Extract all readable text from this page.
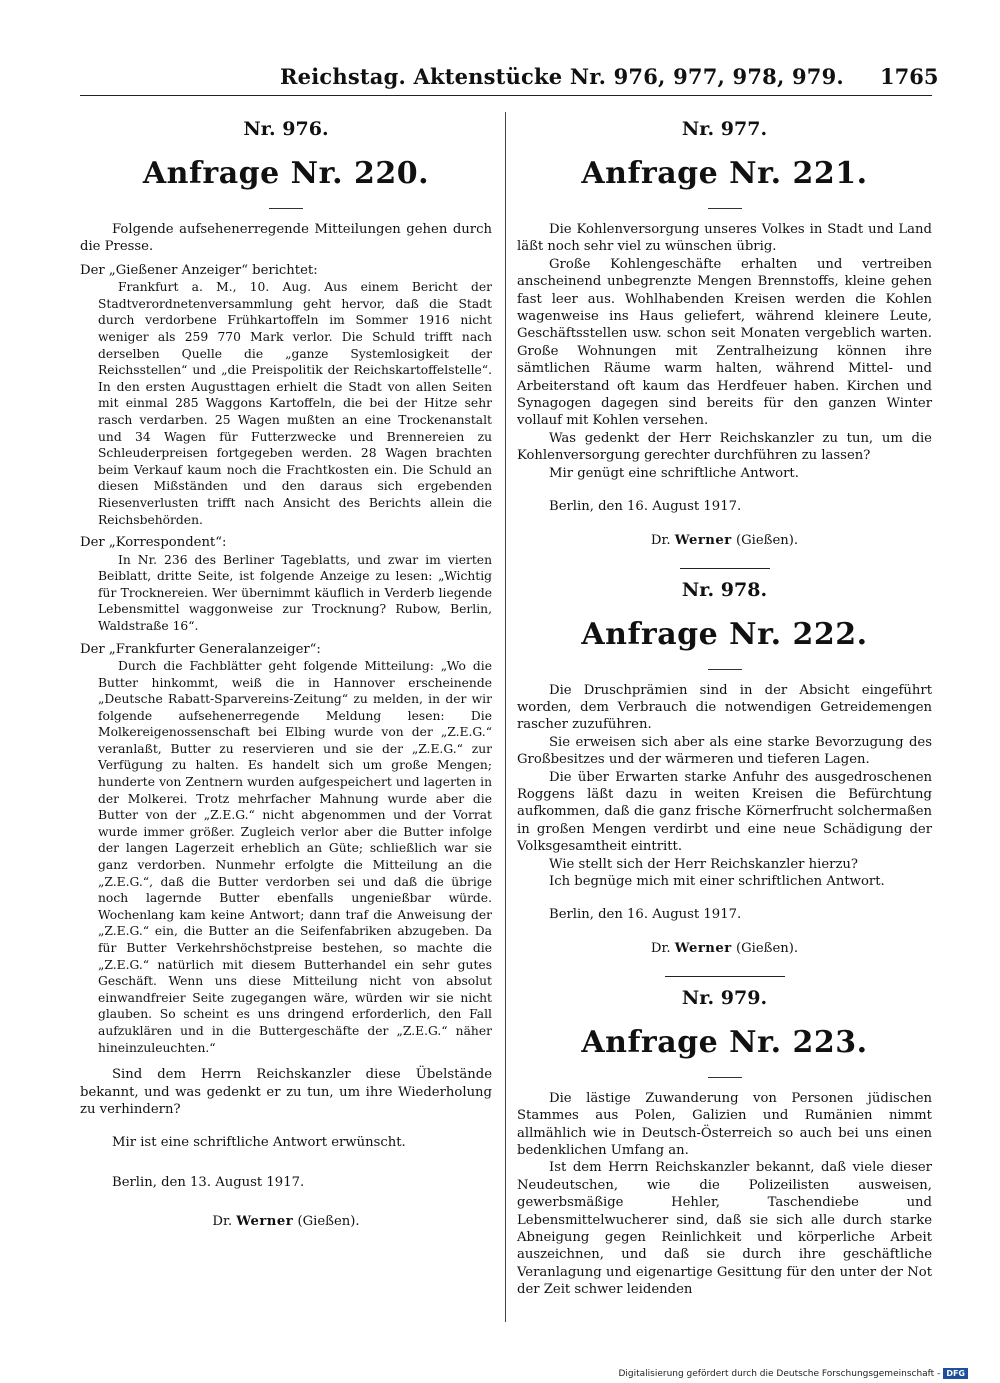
Reichstag. Aktenstücke Nr. 976, 977, 978, 979. 1765
Nr. 976.
Anfrage Nr. 220.

Folgende aufsehenerregende Mitteilungen gehen durch die Presse.

Der „Gießener Anzeiger“ berichtet:

Frankfurt a. M., 10. Aug. Aus einem Bericht der Stadtverordnetenversammlung geht hervor, daß die Stadt durch verdorbene Frühkartoffeln im Sommer 1916 nicht weniger als 259 770 Mark verlor. Die Schuld trifft nach derselben Quelle die „ganze Systemlosigkeit der Reichsstellen“ und „die Preispolitik der Reichskartoffelstelle“. In den ersten Augusttagen erhielt die Stadt von allen Seiten mit einmal 285 Waggons Kartoffeln, die bei der Hitze sehr rasch verdarben. 25 Wagen mußten an eine Trockenanstalt und 34 Wagen für Futterzwecke und Brennereien zu Schleuderpreisen fortgegeben werden. 28 Wagen brachten beim Verkauf kaum noch die Frachtkosten ein. Die Schuld an diesen Mißständen und den daraus sich ergebenden Riesenverlusten trifft nach Ansicht des Berichts allein die Reichsbehörden.

Der „Korrespondent“:

In Nr. 236 des Berliner Tageblatts, und zwar im vierten Beiblatt, dritte Seite, ist folgende Anzeige zu lesen: „Wichtig für Trocknereien. Wer übernimmt käuflich in Verderb liegende Lebensmittel waggonweise zur Trocknung? Rubow, Berlin, Waldstraße 16“.

Der „Frankfurter Generalanzeiger“:

Durch die Fachblätter geht folgende Mitteilung: „Wo die Butter hinkommt, weiß die in Hannover erscheinende „Deutsche Rabatt-Sparvereins-Zeitung“ zu melden, in der wir folgende aufsehenerregende Meldung lesen: Die Molkereigenossenschaft bei Elbing wurde von der „Z.E.G.“ veranlaßt, Butter zu reservieren und sie der „Z.E.G.“ zur Verfügung zu halten. Es handelt sich um große Mengen; hunderte von Zentnern wurden aufgespeichert und lagerten in der Molkerei. Trotz mehrfacher Mahnung wurde aber die Butter von der „Z.E.G.“ nicht abgenommen und der Vorrat wurde immer größer. Zugleich verlor aber die Butter infolge der langen Lagerzeit erheblich an Güte; schließlich war sie ganz verdorben. Nunmehr erfolgte die Mitteilung an die „Z.E.G.“, daß die Butter verdorben sei und daß die übrige noch lagernde Butter ebenfalls ungenießbar würde. Wochenlang kam keine Antwort; dann traf die Anweisung der „Z.E.G.“ ein, die Butter an die Seifenfabriken abzugeben. Da für Butter Verkehrshöchstpreise bestehen, so machte die „Z.E.G.“ natürlich mit diesem Butterhandel ein sehr gutes Geschäft. Wenn uns diese Mitteilung nicht von absolut einwandfreier Seite zugegangen wäre, würden wir sie nicht glauben. So scheint es uns dringend erforderlich, den Fall aufzuklären und in die Buttergeschäfte der „Z.E.G.“ näher hineinzuleuchten.“

Sind dem Herrn Reichskanzler diese Übelstände bekannt, und was gedenkt er zu tun, um ihre Wiederholung zu verhindern?

Mir ist eine schriftliche Antwort erwünscht.

Berlin, den 13. August 1917.

Dr. Werner (Gießen).
Nr. 977.
Anfrage Nr. 221.

Die Kohlenversorgung unseres Volkes in Stadt und Land läßt noch sehr viel zu wünschen übrig.

Große Kohlengeschäfte erhalten und vertreiben anscheinend unbegrenzte Mengen Brennstoffs, kleine gehen fast leer aus. Wohlhabenden Kreisen werden die Kohlen wagenweise ins Haus geliefert, während kleinere Leute, Geschäftsstellen usw. schon seit Monaten vergeblich warten. Große Wohnungen mit Zentralheizung können ihre sämtlichen Räume warm halten, während Mittel- und Arbeiterstand oft kaum das Herdfeuer haben. Kirchen und Synagogen dagegen sind bereits für den ganzen Winter vollauf mit Kohlen versehen.

Was gedenkt der Herr Reichskanzler zu tun, um die Kohlenversorgung gerechter durchführen zu lassen?

Mir genügt eine schriftliche Antwort.

Berlin, den 16. August 1917.

Dr. Werner (Gießen).
Nr. 978.
Anfrage Nr. 222.

Die Druschprämien sind in der Absicht eingeführt worden, dem Verbrauch die notwendigen Getreidemengen rascher zuzuführen.

Sie erweisen sich aber als eine starke Bevorzugung des Großbesitzes und der wärmeren und tieferen Lagen.

Die über Erwarten starke Anfuhr des ausgedroschenen Roggens läßt dazu in weiten Kreisen die Befürchtung aufkommen, daß die ganz frische Körnerfrucht solchermaßen in großen Mengen verdirbt und eine neue Schädigung der Volksgesamtheit eintritt.

Wie stellt sich der Herr Reichskanzler hierzu?

Ich begnüge mich mit einer schriftlichen Antwort.

Berlin, den 16. August 1917.

Dr. Werner (Gießen).
Nr. 979.
Anfrage Nr. 223.

Die lästige Zuwanderung von Personen jüdischen Stammes aus Polen, Galizien und Rumänien nimmt allmählich wie in Deutsch-Österreich so auch bei uns einen bedenklichen Umfang an.

Ist dem Herrn Reichskanzler bekannt, daß viele dieser Neudeutschen, wie die Polizeilisten ausweisen, gewerbsmäßige Hehler, Taschendiebe und Lebensmittelwucherer sind, daß sie sich alle durch starke Abneigung gegen Reinlichkeit und körperliche Arbeit auszeichnen, und daß sie durch ihre geschäftliche Veranlagung und eigenartige Gesittung für den unter der Not der Zeit schwer leidenden

Digitalisierung gefördert durch die Deutsche Forschungsgemeinschaft - DFG
